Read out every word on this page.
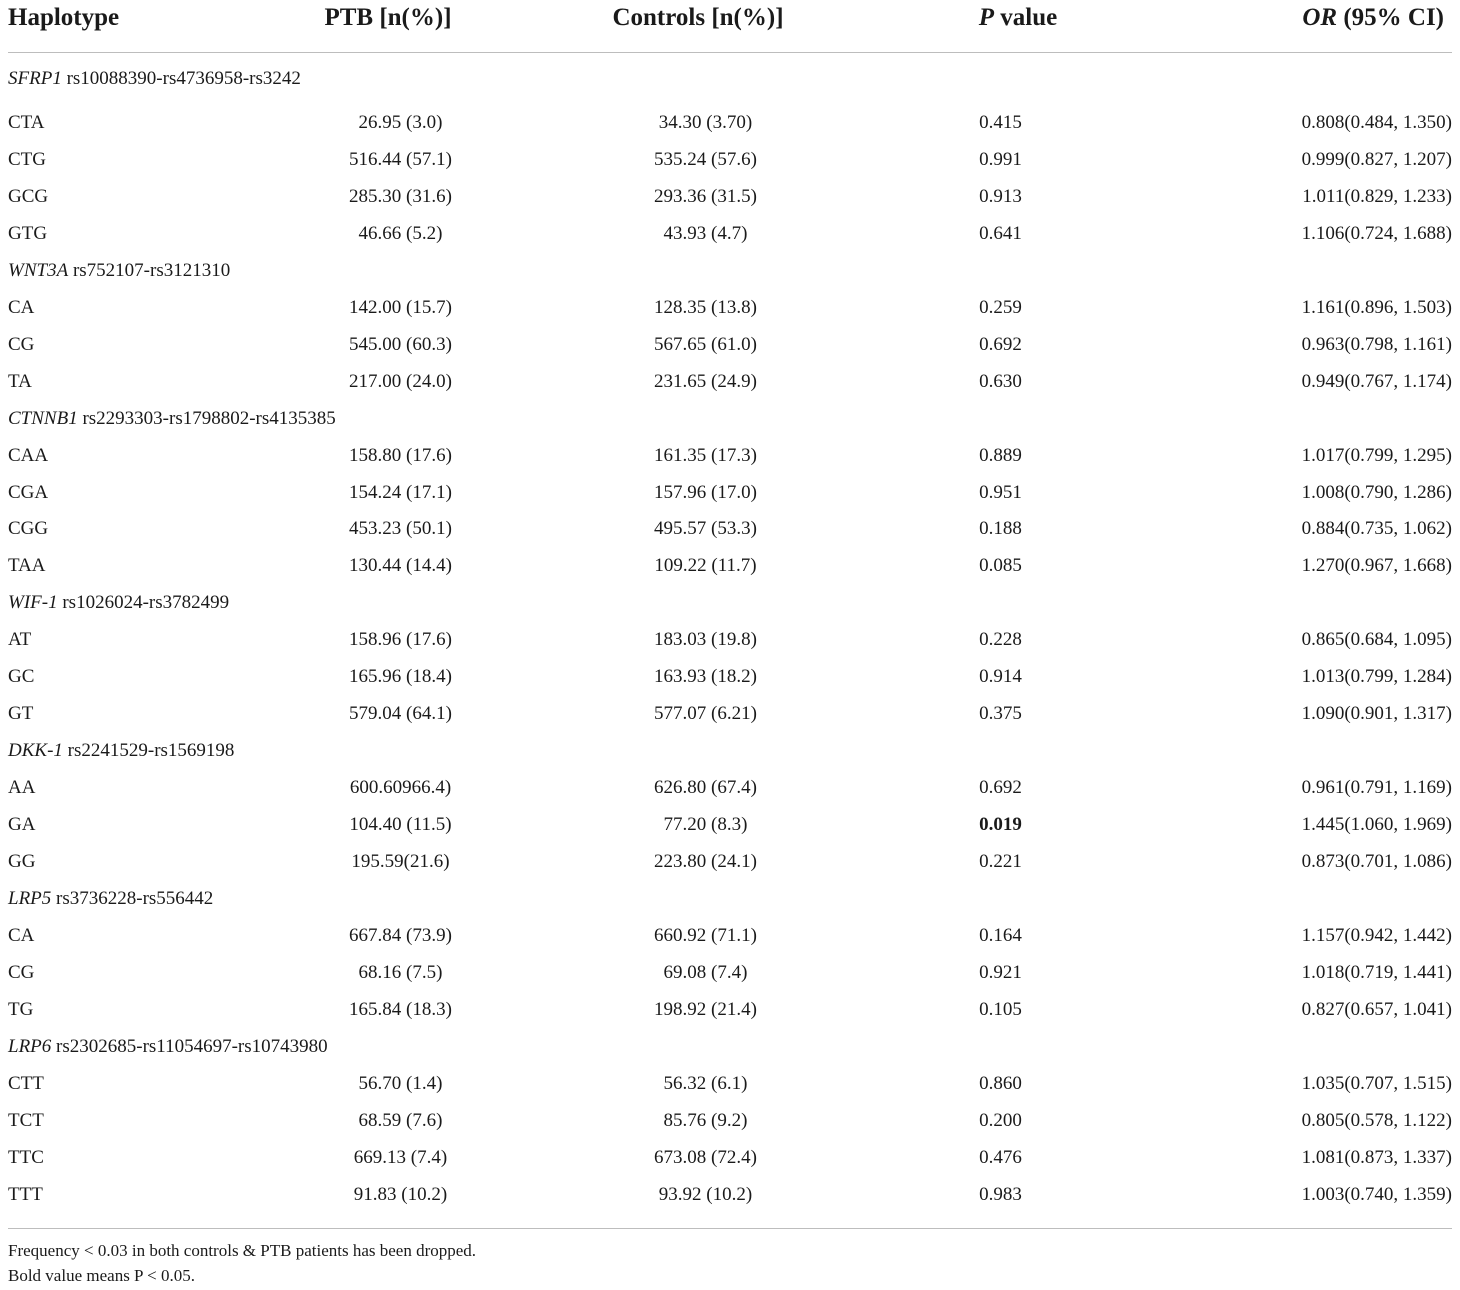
Haplotype	PTB [n(%)]	Controls [n(%)]	P value	OR (95% CI)
SFRP1 rs10088390-rs4736958-rs3242				
CTA	26.95 (3.0)	34.30 (3.70)	0.415	0.808(0.484, 1.350)
CTG	516.44 (57.1)	535.24 (57.6)	0.991	0.999(0.827, 1.207)
GCG	285.30 (31.6)	293.36 (31.5)	0.913	1.011(0.829, 1.233)
GTG	46.66 (5.2)	43.93 (4.7)	0.641	1.106(0.724, 1.688)
WNT3A rs752107-rs3121310				
CA	142.00 (15.7)	128.35 (13.8)	0.259	1.161(0.896, 1.503)
CG	545.00 (60.3)	567.65 (61.0)	0.692	0.963(0.798, 1.161)
TA	217.00 (24.0)	231.65 (24.9)	0.630	0.949(0.767, 1.174)
CTNNB1 rs2293303-rs1798802-rs4135385				
CAA	158.80 (17.6)	161.35 (17.3)	0.889	1.017(0.799, 1.295)
CGA	154.24 (17.1)	157.96 (17.0)	0.951	1.008(0.790, 1.286)
CGG	453.23 (50.1)	495.57 (53.3)	0.188	0.884(0.735, 1.062)
TAA	130.44 (14.4)	109.22 (11.7)	0.085	1.270(0.967, 1.668)
WIF-1 rs1026024-rs3782499				
AT	158.96 (17.6)	183.03 (19.8)	0.228	0.865(0.684, 1.095)
GC	165.96 (18.4)	163.93 (18.2)	0.914	1.013(0.799, 1.284)
GT	579.04 (64.1)	577.07 (6.21)	0.375	1.090(0.901, 1.317)
DKK-1 rs2241529-rs1569198				
AA	600.60966.4)	626.80 (67.4)	0.692	0.961(0.791, 1.169)
GA	104.40 (11.5)	77.20 (8.3)	0.019	1.445(1.060, 1.969)
GG	195.59(21.6)	223.80 (24.1)	0.221	0.873(0.701, 1.086)
LRP5 rs3736228-rs556442				
CA	667.84 (73.9)	660.92 (71.1)	0.164	1.157(0.942, 1.442)
CG	68.16 (7.5)	69.08 (7.4)	0.921	1.018(0.719, 1.441)
TG	165.84 (18.3)	198.92 (21.4)	0.105	0.827(0.657, 1.041)
LRP6 rs2302685-rs11054697-rs10743980				
CTT	56.70 (1.4)	56.32 (6.1)	0.860	1.035(0.707, 1.515)
TCT	68.59 (7.6)	85.76 (9.2)	0.200	0.805(0.578, 1.122)
TTC	669.13 (7.4)	673.08 (72.4)	0.476	1.081(0.873, 1.337)
TTT	91.83 (10.2)	93.92 (10.2)	0.983	1.003(0.740, 1.359)
Frequency < 0.03 in both controls & PTB patients has been dropped.
Bold value means P < 0.05.
